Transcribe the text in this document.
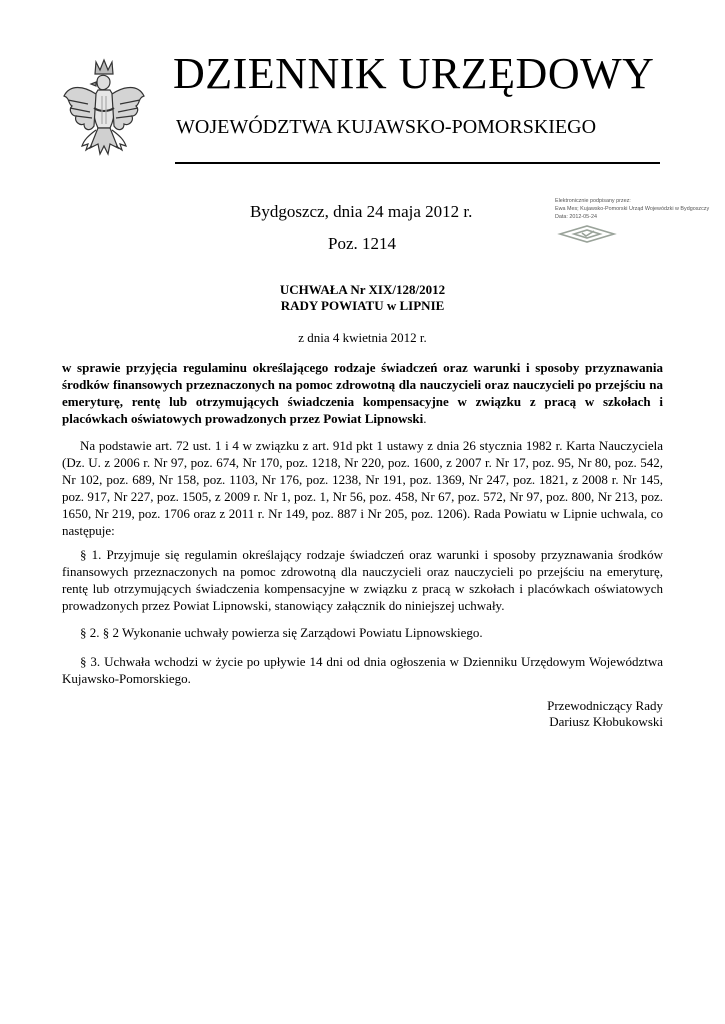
DZIENNIK URZĘDOWY
WOJEWÓDZTWA KUJAWSKO-POMORSKIEGO
Bydgoszcz, dnia 24 maja 2012 r.
Poz. 1214
Elektronicznie podpisany przez:
Ewa Mes; Kujawsko-Pomorski Urząd Wojewódzki w Bydgoszczy
Data: 2012-05-24
UCHWAŁA Nr XIX/128/2012
RADY POWIATU w LIPNIE
z dnia 4 kwietnia 2012 r.
w sprawie przyjęcia regulaminu określającego rodzaje świadczeń oraz warunki i sposoby przyznawania środków finansowych przeznaczonych na pomoc zdrowotną dla nauczycieli oraz nauczycieli po przejściu na emeryturę, rentę lub otrzymujących świadczenia kompensacyjne w związku z pracą w szkołach i placówkach oświatowych prowadzonych przez Powiat Lipnowski.
Na podstawie art. 72 ust. 1 i 4 w związku z art. 91d pkt 1 ustawy z dnia 26 stycznia 1982 r. Karta Nauczyciela (Dz. U. z 2006 r. Nr 97, poz. 674, Nr 170, poz. 1218, Nr 220, poz. 1600, z 2007 r. Nr 17, poz. 95, Nr 80, poz. 542, Nr 102, poz. 689, Nr 158, poz. 1103, Nr 176, poz. 1238, Nr 191, poz. 1369, Nr 247, poz. 1821, z 2008 r. Nr 145, poz. 917, Nr 227, poz. 1505, z 2009 r. Nr 1, poz. 1, Nr 56, poz. 458, Nr 67, poz. 572, Nr 97, poz. 800, Nr 213, poz. 1650, Nr 219, poz. 1706 oraz z 2011 r. Nr 149, poz. 887 i Nr 205, poz. 1206). Rada Powiatu w Lipnie uchwala, co następuje:
§ 1. Przyjmuje się regulamin określający rodzaje świadczeń oraz warunki i sposoby przyznawania środków finansowych przeznaczonych na pomoc zdrowotną dla nauczycieli oraz nauczycieli po przejściu na emeryturę, rentę lub otrzymujących świadczenia kompensacyjne w związku z pracą w szkołach i placówkach oświatowych prowadzonych przez Powiat Lipnowski, stanowiący załącznik do niniejszej uchwały.
§ 2. § 2 Wykonanie uchwały powierza się Zarządowi Powiatu Lipnowskiego.
§ 3. Uchwała wchodzi w życie po upływie 14 dni od dnia ogłoszenia w Dzienniku Urzędowym Województwa Kujawsko-Pomorskiego.
Przewodniczący Rady
Dariusz Kłobukowski
